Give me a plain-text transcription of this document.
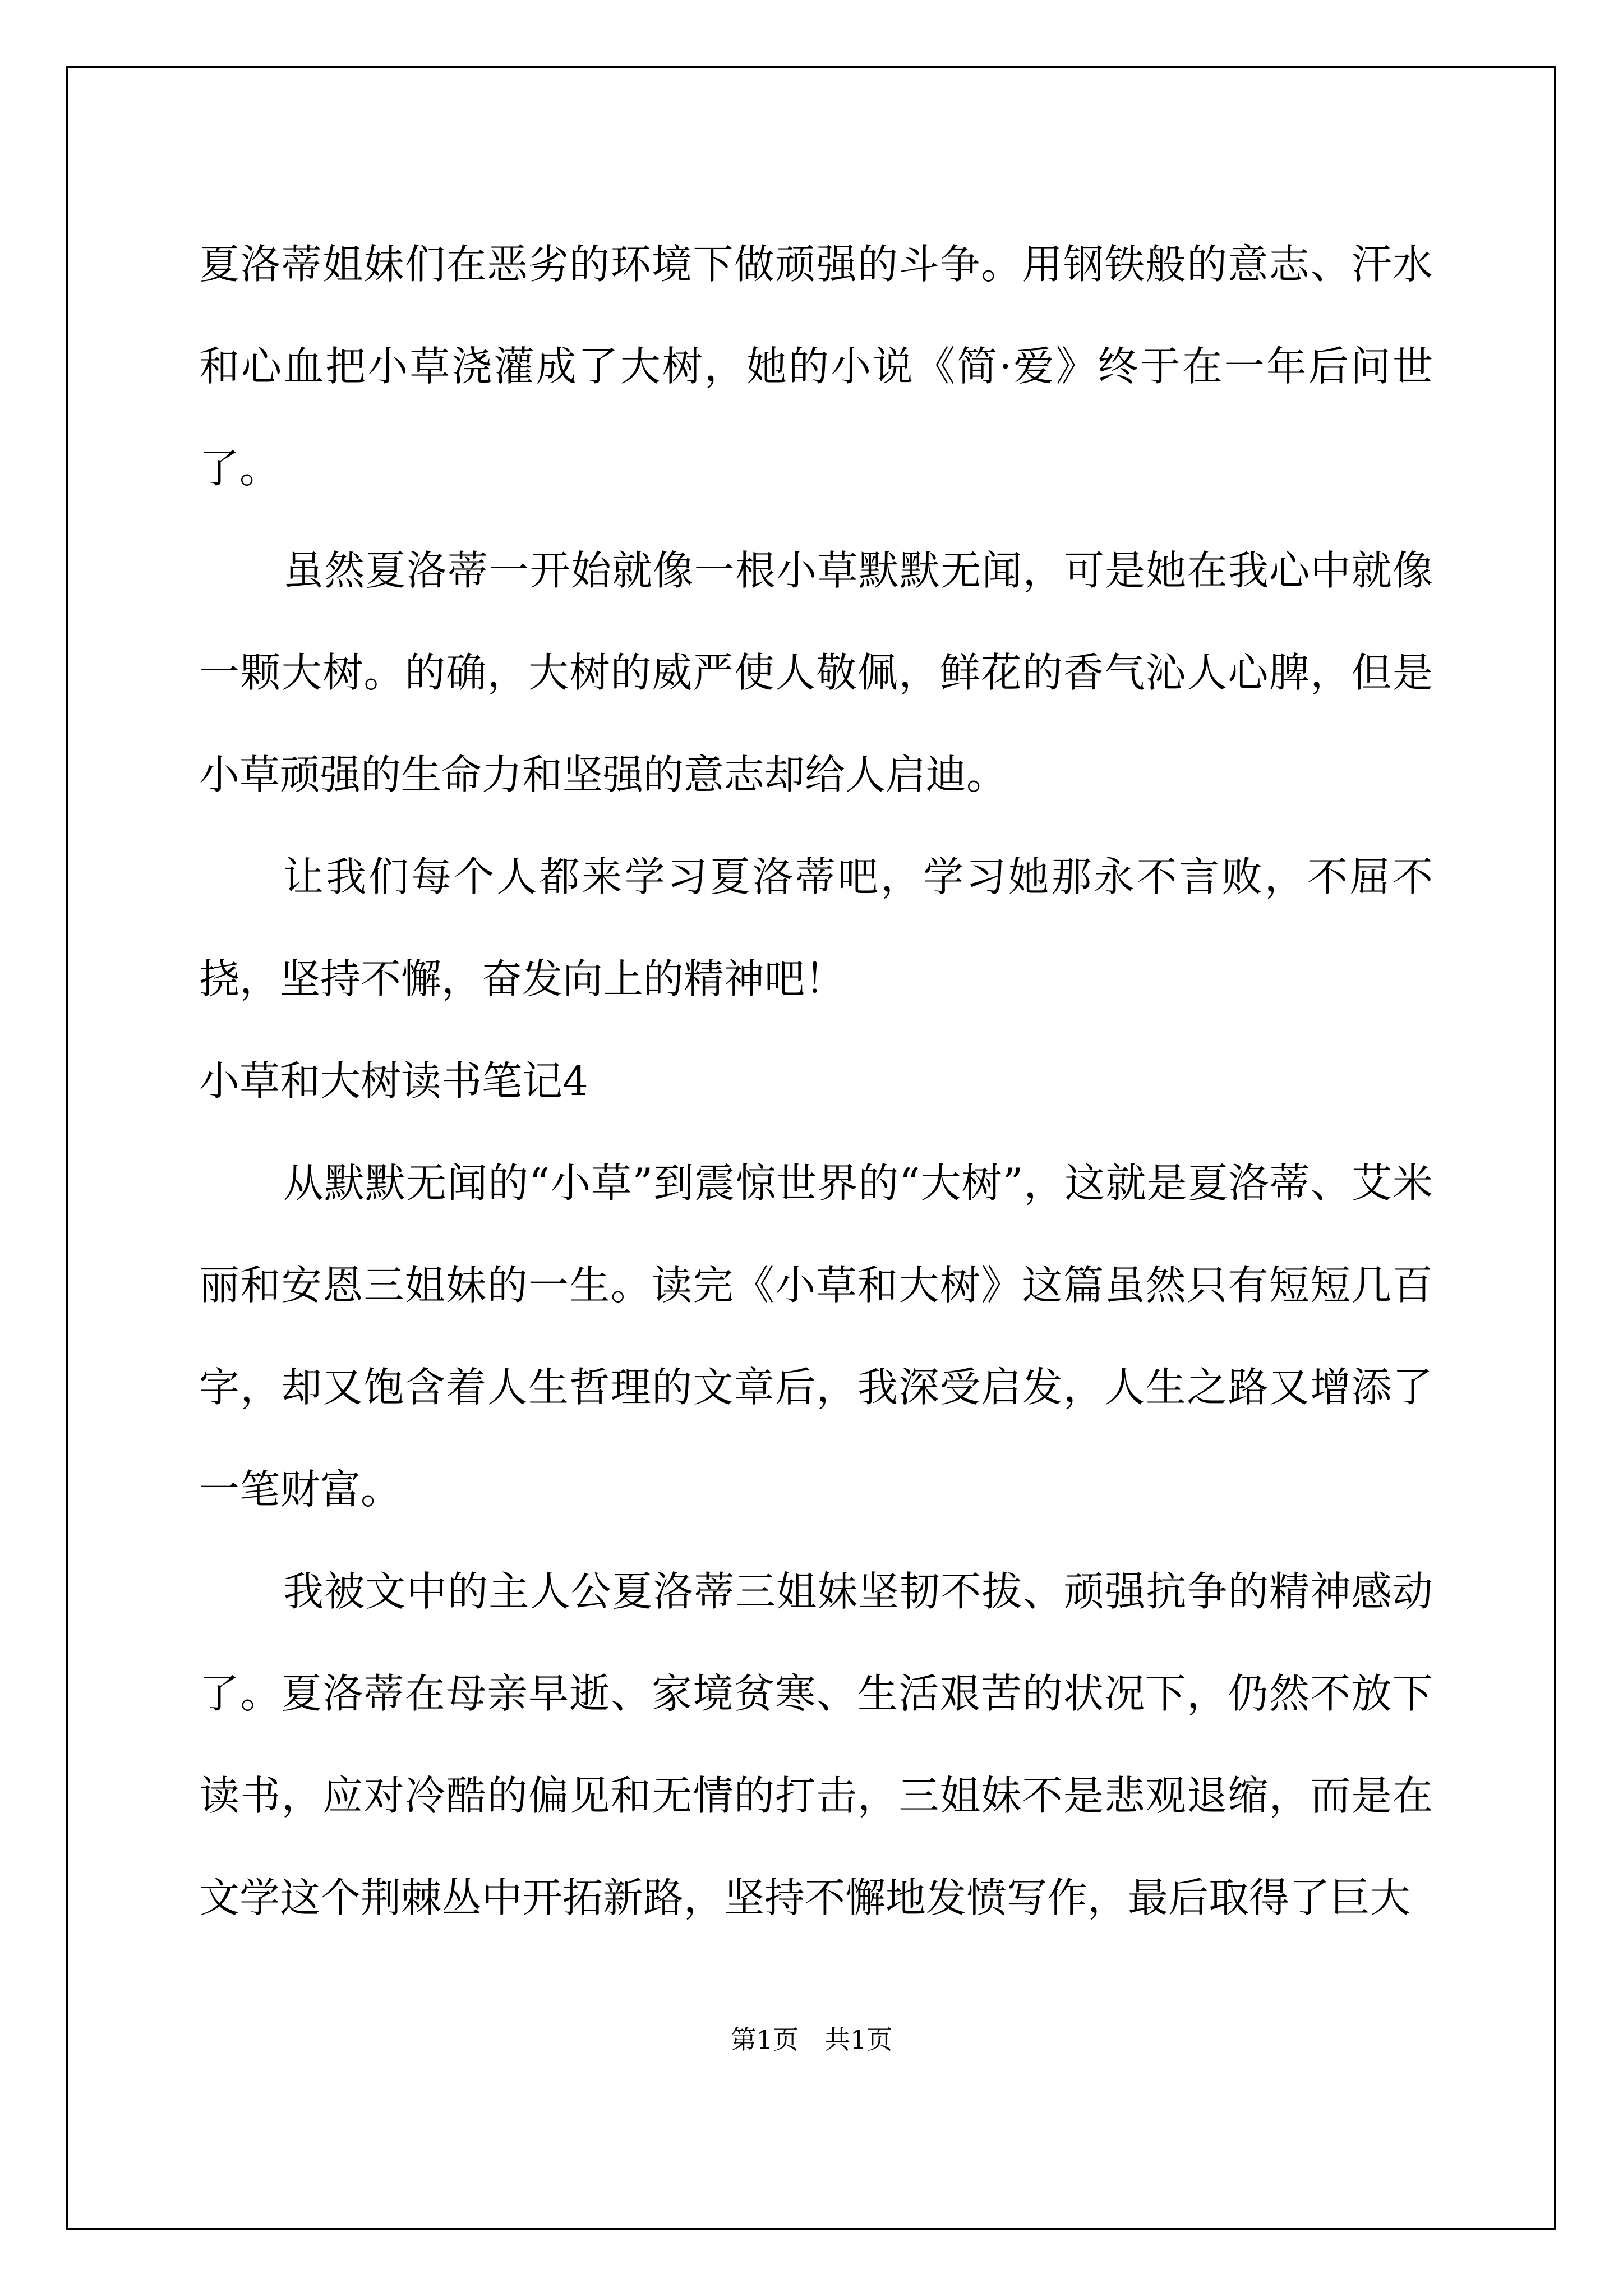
夏洛蒂姐妹们在恶劣的环境下做顽强的斗争。用钢铁般的意志、汗水和心血把小草浇灌成了大树，她的小说《简·爱》终于在一年后问世了。

虽然夏洛蒂一开始就像一根小草默默无闻，可是她在我心中就像一颗大树。的确，大树的威严使人敬佩，鲜花的香气沁人心脾，但是小草顽强的生命力和坚强的意志却给人启迪。

让我们每个人都来学习夏洛蒂吧，学习她那永不言败，不屈不挠，坚持不懈，奋发向上的精神吧！

小草和大树读书笔记4

从默默无闻的“小草”到震惊世界的“大树”，这就是夏洛蒂、艾米丽和安恩三姐妹的一生。读完《小草和大树》这篇虽然只有短短几百字，却又饱含着人生哲理的文章后，我深受启发，人生之路又增添了一笔财富。

我被文中的主人公夏洛蒂三姐妹坚韧不拔、顽强抗争的精神感动了。夏洛蒂在母亲早逝、家境贫寒、生活艰苦的状况下，仍然不放下读书，应对冷酷的偏见和无情的打击，三姐妹不是悲观退缩，而是在文学这个荆棘丛中开拓新路，坚持不懈地发愤写作，最后取得了巨大

第1页　共1页
